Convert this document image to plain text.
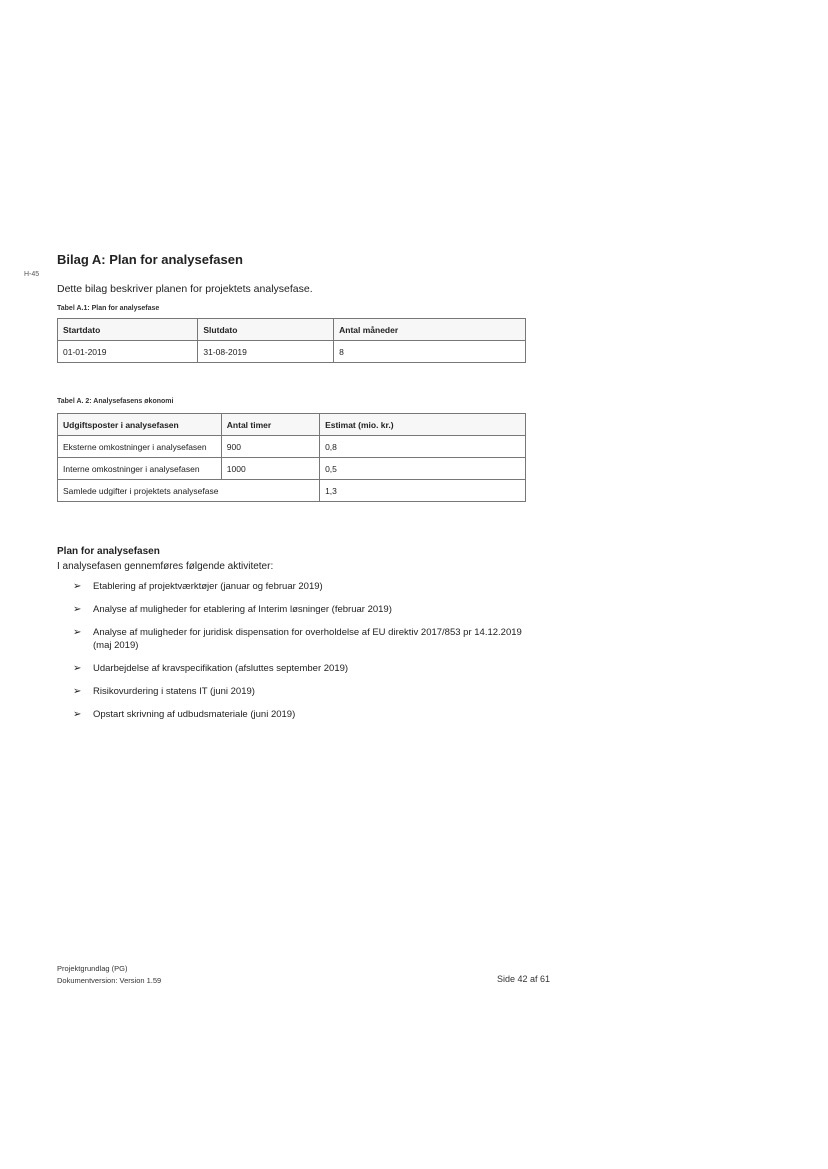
H-45
Bilag A: Plan for analysefasen
Dette bilag beskriver planen for projektets analysefase.
Tabel A.1: Plan for analysefase
Startdato	Slutdato	Antal måneder
01-01-2019	31-08-2019	8
Tabel A. 2: Analysefasens økonomi
Udgiftsposter i analysefasen	Antal timer	Estimat (mio. kr.)
Eksterne omkostninger i analysefasen	900	0,8
Interne omkostninger i analysefasen	1000	0,5
Samlede udgifter i projektets analysefase		1,3
Plan for analysefasen
I analysefasen gennemføres følgende aktiviteter:
➢ Etablering af projektværktøjer (januar og februar 2019)
➢ Analyse af muligheder for etablering af Interim løsninger (februar 2019)
➢ Analyse af muligheder for juridisk dispensation for overholdelse af EU direktiv 2017/853 pr 14.12.2019 (maj 2019)
➢ Udarbejdelse af kravspecifikation (afsluttes september 2019)
➢ Risikovurdering i statens IT (juni 2019)
➢ Opstart skrivning af udbudsmateriale (juni 2019)
Projektgrundlag (PG)
Dokumentversion: Version 1.59	Side 42 af 61
